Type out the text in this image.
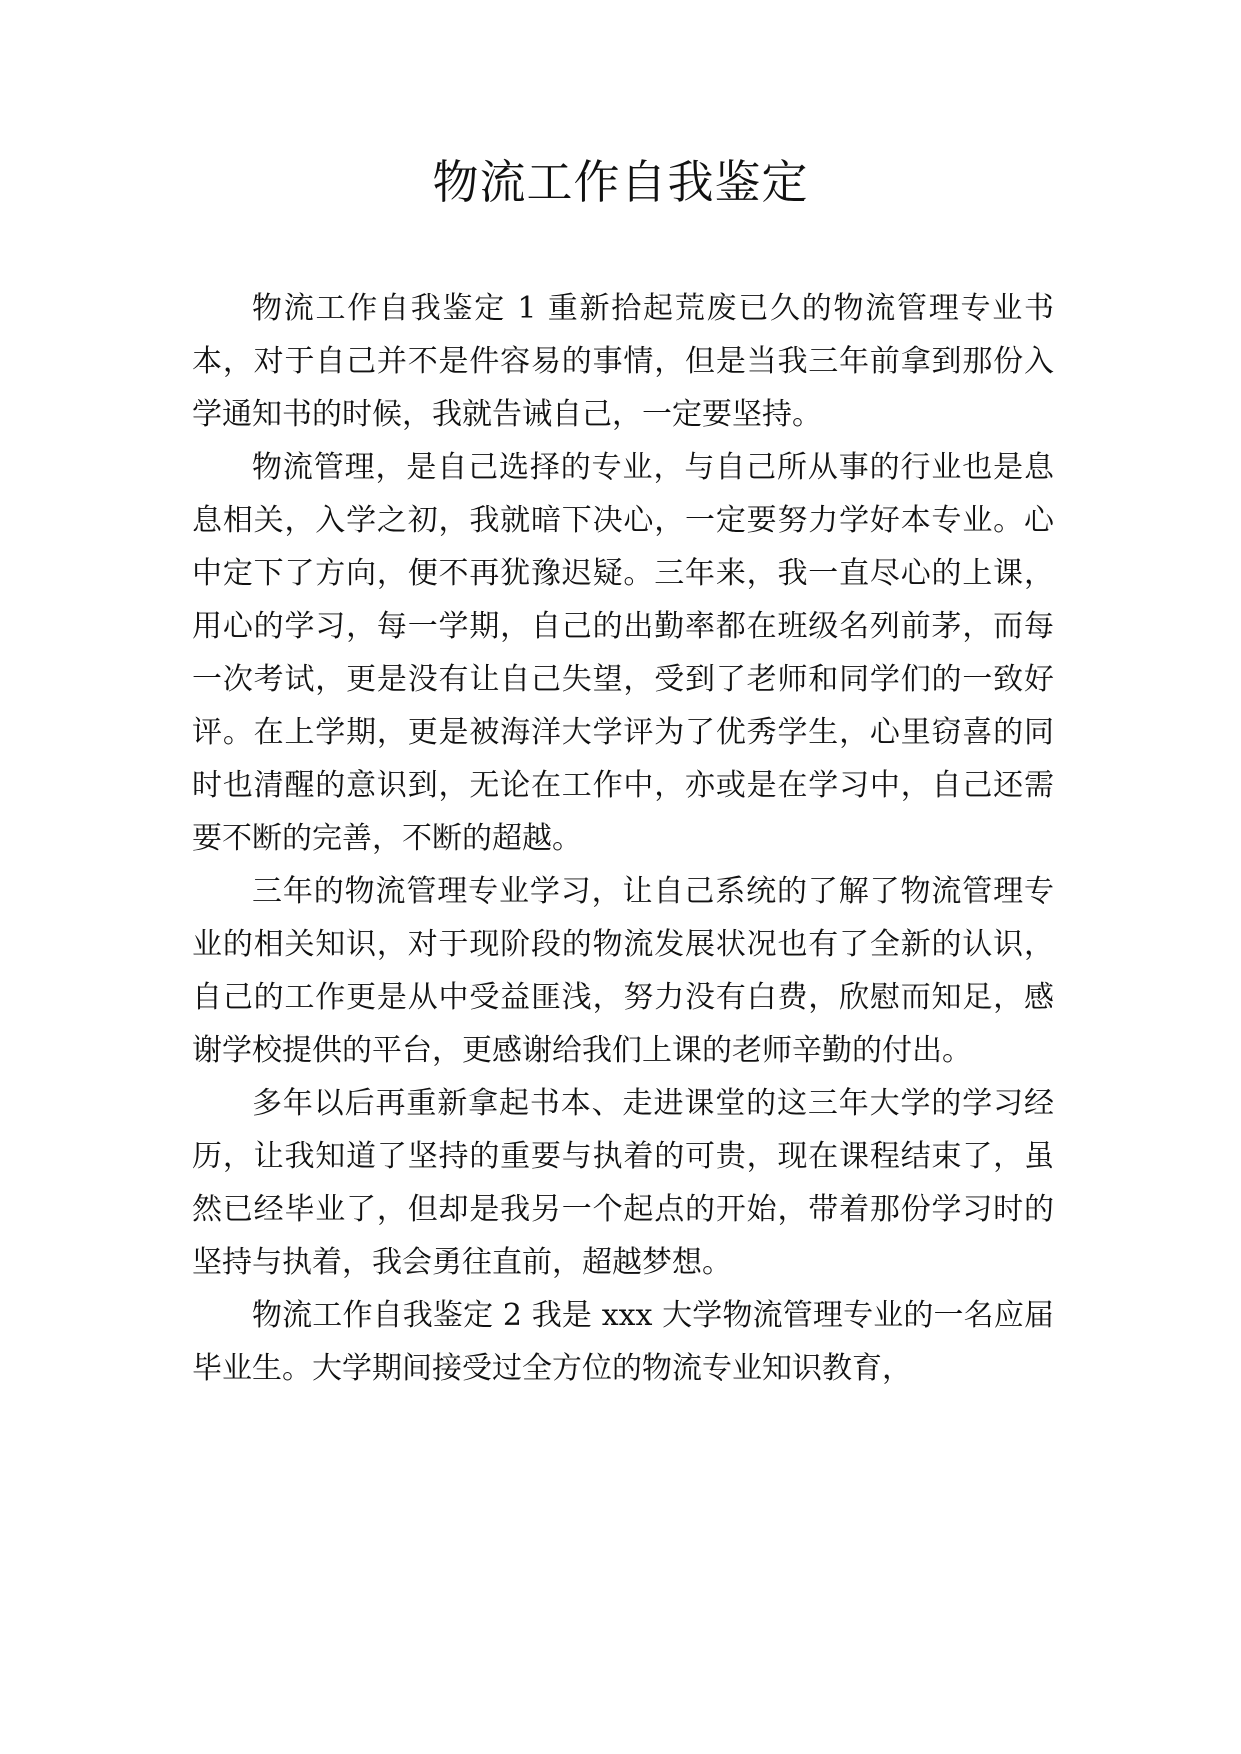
物流工作自我鉴定

物流工作自我鉴定 1 重新拾起荒废已久的物流管理专业书本，对于自己并不是件容易的事情，但是当我三年前拿到那份入学通知书的时候，我就告诫自己，一定要坚持。

物流管理，是自己选择的专业，与自己所从事的行业也是息息相关，入学之初，我就暗下决心，一定要努力学好本专业。心中定下了方向，便不再犹豫迟疑。三年来，我一直尽心的上课，用心的学习，每一学期，自己的出勤率都在班级名列前茅，而每一次考试，更是没有让自己失望，受到了老师和同学们的一致好评。在上学期，更是被海洋大学评为了优秀学生，心里窃喜的同时也清醒的意识到，无论在工作中，亦或是在学习中，自己还需要不断的完善，不断的超越。

三年的物流管理专业学习，让自己系统的了解了物流管理专业的相关知识，对于现阶段的物流发展状况也有了全新的认识，自己的工作更是从中受益匪浅，努力没有白费，欣慰而知足，感谢学校提供的平台，更感谢给我们上课的老师辛勤的付出。

多年以后再重新拿起书本、走进课堂的这三年大学的学习经历，让我知道了坚持的重要与执着的可贵，现在课程结束了，虽然已经毕业了，但却是我另一个起点的开始，带着那份学习时的坚持与执着，我会勇往直前，超越梦想。

物流工作自我鉴定 2 我是 xxx 大学物流管理专业的一名应届毕业生。大学期间接受过全方位的物流专业知识教育，
